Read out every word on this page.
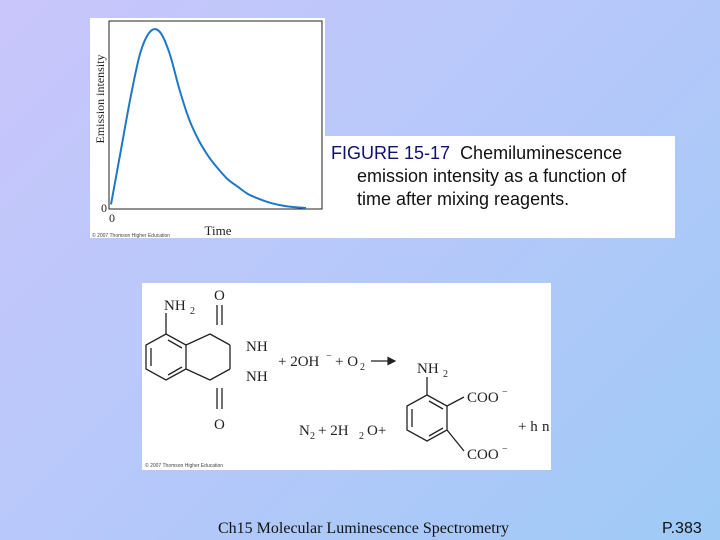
Emission intensity
Time
0
0
© 2007 Thomson Higher Education
FIGURE 15-17 Chemiluminescence
emission intensity as a function of
time after mixing reagents.
NH 2
O
NH
NH
O
+ 2OH − + O 2
N 2 + 2H 2 O+
NH 2
COO −
COO −
+ h n
© 2007 Thomson Higher Education
Ch15 Molecular Luminescence Spectrometry	P.383
